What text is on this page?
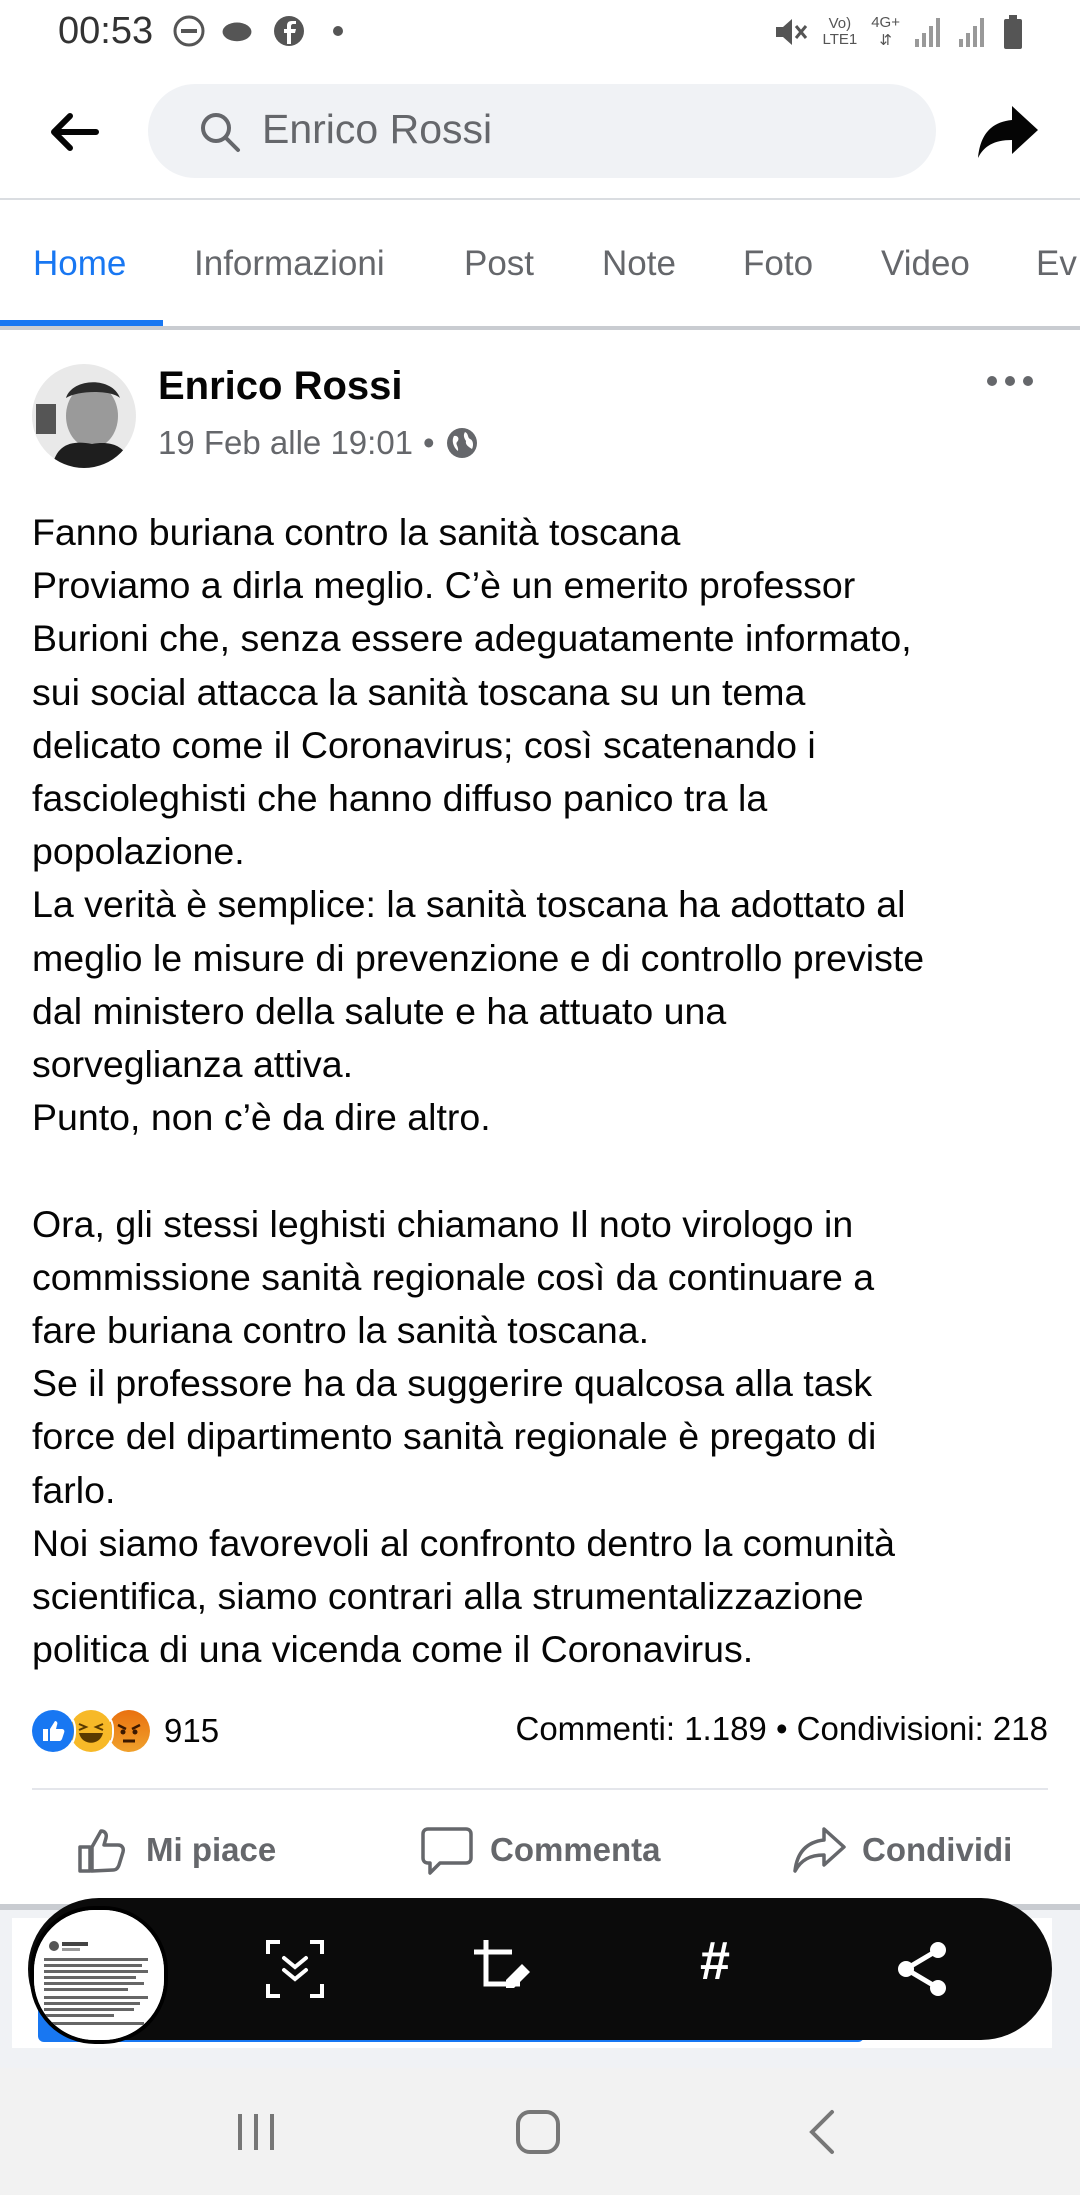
00:53	Vo)
LTE1
4G+
⇵
Enrico Rossi
Home Informazioni Post Note Foto Video Ev
Enrico Rossi
19 Feb alle 19:01 •

Fanno buriana contro la sanità toscana

Proviamo a dirla meglio. C’è un emerito professor

Burioni che, senza essere adeguatamente informato,

sui social attacca la sanità toscana su un tema

delicato come il Coronavirus; così scatenando i

fascioleghisti che hanno diffuso panico tra la

popolazione.

La verità è semplice: la sanità toscana ha adottato al

meglio le misure di prevenzione e di controllo previste

dal ministero della salute e ha attuato una

sorveglianza attiva.

Punto, non c’è da dire altro.

Ora, gli stessi leghisti chiamano Il noto virologo in

commissione sanità regionale così da continuare a

fare buriana contro la sanità toscana.

Se il professore ha da suggerire qualcosa alla task

force del dipartimento sanità regionale è pregato di

farlo.

Noi siamo favorevoli al confronto dentro la comunità

scientifica, siamo contrari alla strumentalizzazione

politica di una vicenda come il Coronavirus.

915	Commenti: 1.189 • Condivisioni: 218
Mi piace	Commenta	Condividi
#
